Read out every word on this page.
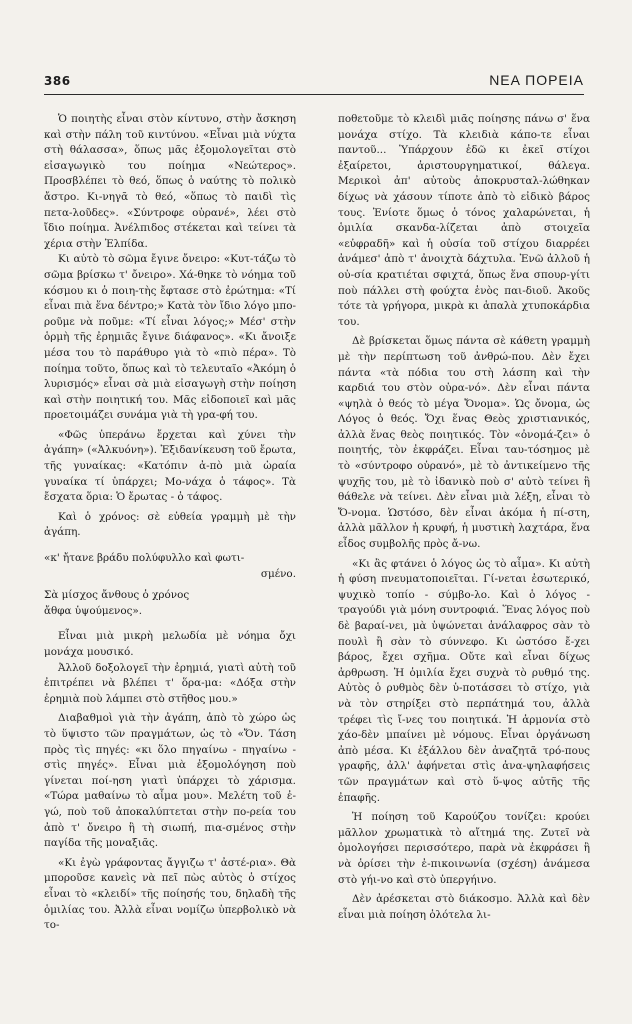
386	ΝΕΑ ΠΟΡΕΙΑ

Ὁ ποιητὴς εἶναι στὸν κίντυνο, στὴν ἄσκηση καὶ στὴν πάλη τοῦ κιντύνου. «Εἶναι μιὰ νύχτα στὴ θάλασσα», ὅπως μᾶς ἐξομολογεῖται στὸ εἰσαγωγικὸ του ποίημα «Νεώτερος». Προσβλέπει τὸ θεό, ὅπως ὁ ναύτης τὸ πολικὸ ἄστρο. Κι-νηγᾶ τὸ θεό, «ὅπως τὸ παιδὶ τὶς πετα-λοῦδες». «Σύντροφε οὐρανέ», λέει στὸ ἴδιο ποίημα. Ἀνέλπιδος στέκεται καὶ τείνει τὰ χέρια στὴν Ἐλπίδα.

Κι αὐτὸ τὸ σῶμα ἔγινε ὄνειρο: «Κυτ-τάζω τὸ σῶμα βρίσκω τ' ὄνειρο». Χά-θηκε τὸ νόημα τοῦ κόσμου κι ὁ ποιη-τὴς ἔφτασε στὸ ἐρώτημα: «Τί εἶναι πιὰ ἕνα δέντρο;» Κατὰ τὸν ἴδιο λόγο μπο-ροῦμε νὰ ποῦμε: «Τί εἶναι λόγος;» Μέσ' στὴν ὁρμὴ τῆς ἐρημιᾶς ἔγινε διάφανος». «Κι ἄνοιξε μέσα του τὸ παράθυρο γιὰ τὸ «πιὸ πέρα». Τὸ ποίημα τοῦτο, ὅπως καὶ τὸ τελευταῖο «Ἀκόμη ὁ λυρισμός» εἶναι σὰ μιὰ εἰσαγωγὴ στὴν ποίηση καὶ στὴν ποιητική του. Μᾶς εἰδοποιεῖ καὶ μᾶς προετοιμάζει συνάμα γιὰ τὴ γρα-φή του.

«Φῶς ὑπεράνω ἔρχεται καὶ χύνει τὴν ἀγάπη» («Ἀλκυόνη»). Ἐξιδανίκευση τοῦ ἔρωτα, τῆς γυναίκας: «Κατόπιν ἀ-πὸ μιὰ ὡραία γυναίκα τί ὑπάρχει; Μο-νάχα ὁ τάφος». Τὰ ἔσχατα ὅρια: Ὁ ἔρωτας - ὁ τάφος.

Καὶ ὁ χρόνος: σὲ εὐθεία γραμμὴ μὲ τὴν ἀγάπη.

«κ' ἤτανε βράδυ πολύφυλλο καὶ φωτι-

σμένο.

Σὰ μίσχος ἄνθους ὁ χρόνος

ἄθφα ὑψούμενος».

Εἶναι μιὰ μικρὴ μελωδία μὲ νόημα ὄχι μονάχα μουσικό.

Ἀλλοῦ δοξολογεῖ τὴν ἐρημιά, γιατὶ αὐτὴ τοῦ ἐπιτρέπει νὰ βλέπει τ' ὅρα-μα: «Δόξα στὴν ἐρημιὰ ποὺ λάμπει στὸ στῆθος μου.»

Διαβαθμοὶ γιὰ τὴν ἀγάπη, ἀπὸ τὸ χώρο ὡς τὸ ὕψιστο τῶν πραγμάτων, ὡς τὸ «Ὄν. Τάση πρὸς τὶς πηγές: «κι ὅλο πηγαίνω - πηγαίνω - στὶς πηγές». Εἶναι μιὰ ἐξομολόγηση ποὺ γίνεται ποί-ηση γιατὶ ὑπάρχει τὸ χάρισμα. «Τώρα μαθαίνω τὸ αἷμα μου». Μελέτη τοῦ ἐ-γώ, ποὺ τοῦ ἀποκαλύπτεται στὴν πο-ρεία του ἀπὸ τ' ὄνειρο ἢ τὴ σιωπή, πια-σμένος στὴν παγίδα τῆς μοναξιᾶς.

«Κι ἐγὼ γράφοντας ἄγγιζω τ' ἀστέ-ρια». Θὰ μποροῦσε κανεὶς νὰ πεῖ πὼς αὐτὸς ὁ στίχος εἶναι τὸ «κλειδί» τῆς ποίησής του, δηλαδὴ τῆς ὁμιλίας του. Ἀλλὰ εἶναι νομίζω ὑπερβολικὸ νὰ το-

ποθετοῦμε τὸ κλειδὶ μιᾶς ποίησης πάνω σ' ἕνα μονάχα στίχο. Τὰ κλειδιὰ κάπο-τε εἶναι παντοῦ... Ὑπάρχουν ἐδῶ κι ἐκεῖ στίχοι ἐξαίρετοι, ἀριστουργηματικοί, θάλεγα. Μερικοὶ ἀπ' αὐτοὺς ἀποκρυσταλ-λώθηκαν δίχως νὰ χάσουν τίποτε ἀπὸ τὸ εἰδικὸ βάρος τους. Ἐνίοτε ὅμως ὁ τόνος χαλαρώνεται, ἡ ὁμιλία σκανδα-λίζεται ἀπὸ στοιχεῖα «εὐφραδῆ» καὶ ἡ οὐσία τοῦ στίχου διαρρέει ἀνάμεσ' ἀπὸ τ' ἀνοιχτὰ δάχτυλα. Ἐνῶ ἀλλοῦ ἡ οὐ-σία κρατιέται σφιχτά, ὅπως ἕνα σπουρ-γίτι ποὺ πάλλει στὴ φούχτα ἑνὸς παι-διοῦ. Ἀκοῦς τότε τὰ γρήγορα, μικρὰ κι ἁπαλὰ χτυποκάρδια του.

Δὲ βρίσκεται ὅμως πάντα σὲ κάθετη γραμμὴ μὲ τὴν περίπτωση τοῦ ἀνθρώ-που. Δὲν ἔχει πάντα «τὰ πόδια του στὴ λάσπη καὶ τὴν καρδιά του στὸν οὐρα-νό». Δὲν εἶναι πάντα «ψηλὰ ὁ θεός τὸ μέγα Ὄνομα». Ὡς ὄνομα, ὡς Λόγος ὁ θεός. Ὄχι ἕνας Θεὸς χριστιανικός, ἀλλὰ ἕνας θεὸς ποιητικός. Τὸν «ὀνομά-ζει» ὁ ποιητής, τὸν ἐκφράζει. Εἶναι ταυ-τόσημος μὲ τὸ «σύντροφο οὐρανό», μὲ τὸ ἀντικείμενο τῆς ψυχῆς του, μὲ τὸ ἰδανικὸ ποὺ σ' αὐτὸ τείνει ἢ θάθελε νὰ τείνει. Δὲν εἶναι μιὰ λέξη, εἶναι τὸ Ὄ-νομα. Ὡστόσο, δὲν εἶναι ἀκόμα ἡ πί-στη, ἀλλὰ μᾶλλον ἡ κρυφή, ἡ μυστικὴ λαχτάρα, ἕνα εἶδος συμβολῆς πρὸς ἄ-νω.

«Κι ἂς φτάνει ὁ λόγος ὡς τὸ αἷμα». Κι αὐτὴ ἡ φύση πνευματοποιεῖται. Γί-νεται ἐσωτερικό, ψυχικὸ τοπίο - σύμβο-λο. Καὶ ὁ λόγος - τραγούδι γιὰ μόνη συντροφιά. Ἕνας λόγος ποὺ δὲ βαραί-νει, μὰ ὑψώνεται ἀνάλαφρος σὰν τὸ πουλὶ ἢ σὰν τὸ σύννεφο. Κι ὡστόσο ἔ-χει βάρος, ἔχει σχῆμα. Οὔτε καὶ εἶναι δίχως ἀρθρωση. Ἡ ὁμιλία ἔχει συχνὰ τὸ ρυθμό της. Αὐτὸς ὁ ρυθμὸς δὲν ὑ-ποτάσσει τὸ στίχο, γιὰ νὰ τὸν στηρίξει στὸ περπάτημά του, ἀλλὰ τρέφει τὶς ἴ-νες του ποιητικά. Ἡ ἁρμονία στὸ χάο-δὲν μπαίνει μὲ νόμους. Εἶναι ὀργάνωση ἀπὸ μέσα. Κι ἐξάλλου δὲν ἀναζητᾶ τρό-πους γραφῆς, ἀλλ' ἀφήνεται στὶς ἀνα-ψηλαφήσεις τῶν πραγμάτων καὶ στὸ ὕ-ψος αὐτῆς τῆς ἐπαφῆς.

Ἡ ποίηση τοῦ Καρούζου τονίζει: κρούει μᾶλλον χρωματικὰ τὸ αἴτημά της. Ζυτεῖ νὰ ὁμολογήσει περισσότερο, παρὰ νὰ ἐκφράσει ἢ νὰ ὁρίσει τὴν ἐ-πικοινωνία (σχέση) ἀνάμεσα στὸ γήι-νο καὶ στὸ ὑπεργήινο.

Δὲν ἀρέσκεται στὸ διάκοσμο. Ἀλλὰ καὶ δὲν εἶναι μιὰ ποίηση ὁλότελα λι-
